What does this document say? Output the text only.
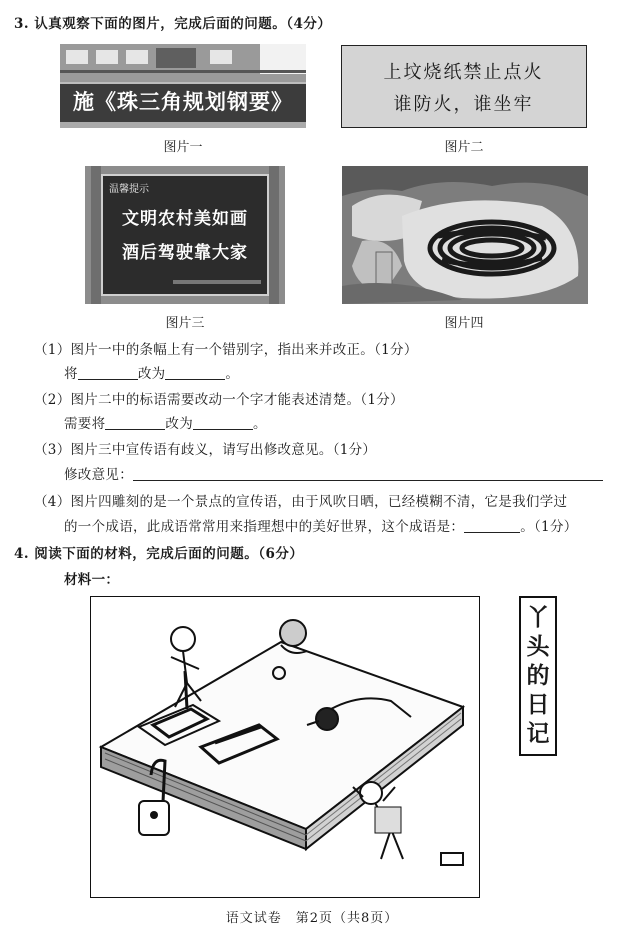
3. 认真观察下面的图片，完成后面的问题。（4分）
施《珠三角规划钢要》
图片一
上坟烧纸禁止点火
谁防火，谁坐牢
图片二
温馨提示
文明农村美如画
酒后驾驶靠大家
图片三	图片四
（1）图片一中的条幅上有一个错别字，指出来并改正。（1分）
将	改为	。
（2）图片二中的标语需要改动一个字才能表述清楚。（1分）
需要将	改为	。
（3）图片三中宣传语有歧义，请写出修改意见。（1分）
修改意见：
（4）图片四雕刻的是一个景点的宣传语，由于风吹日晒，已经模糊不清，它是我们学过
的一个成语，此成语常常用来指理想中的美好世界，这个成语是：	。（1分）
4. 阅读下面的材料，完成后面的问题。（6分）
材料一：
丫
头
的
日
记
语文试卷　第2页（共8页）
